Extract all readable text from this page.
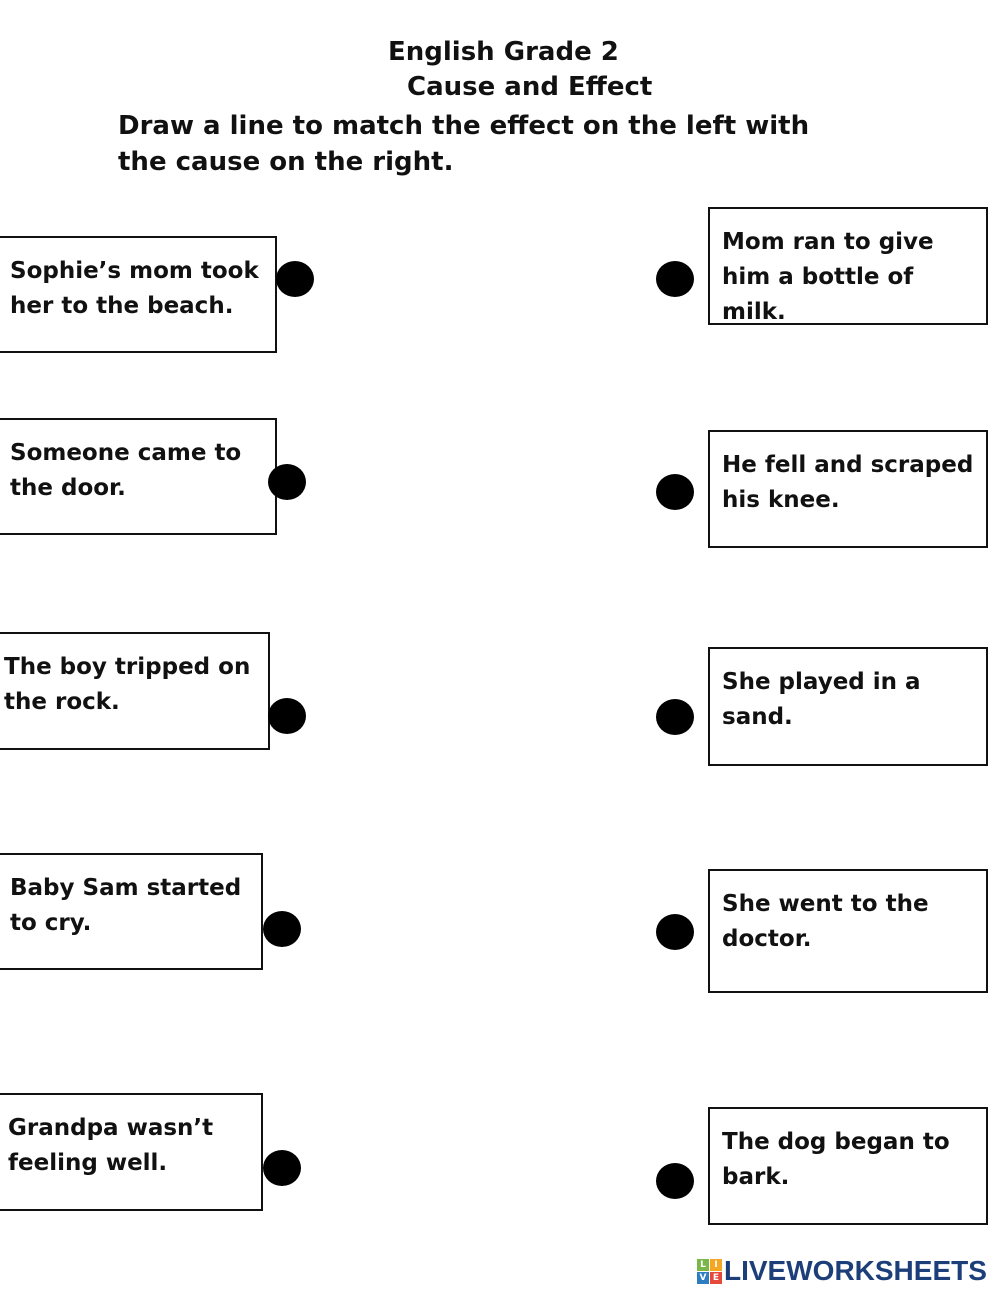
English Grade 2
Cause and Effect
Draw a line to match the effect on the left with the cause on the right.
Sophie’s mom took her to the beach.
Someone came to the door.
The boy tripped on the rock.
Baby Sam started to cry.
Grandpa wasn’t feeling well.
Mom ran to give him a bottle of milk.
He fell and scraped his knee.
She played in a sand.
She went to the doctor.
The dog began to bark.
L I
V E LIVEWORKSHEETS
